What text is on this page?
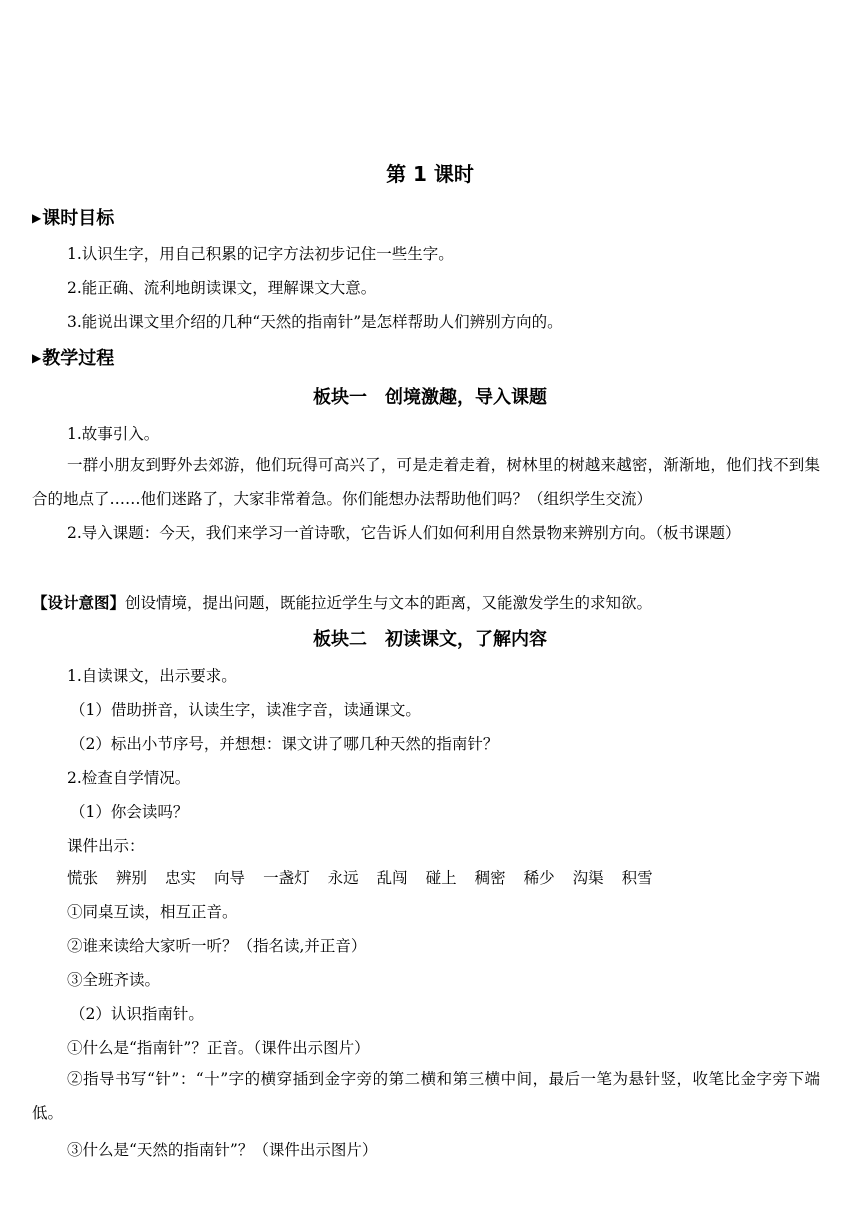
第 1 课时
▶课时目标
1.认识生字，用自己积累的记字方法初步记住一些生字。
2.能正确、流利地朗读课文，理解课文大意。
3.能说出课文里介绍的几种“天然的指南针”是怎样帮助人们辨别方向的。
▶教学过程
板块一　创境激趣，导入课题
1.故事引入。
一群小朋友到野外去郊游，他们玩得可高兴了，可是走着走着，树林里的树越来越密，渐渐地，他们找不到集合的地点了……他们迷路了，大家非常着急。你们能想办法帮助他们吗？（组织学生交流）
2.导入课题：今天，我们来学习一首诗歌，它告诉人们如何利用自然景物来辨别方向。（板书课题）
【设计意图】创设情境，提出问题，既能拉近学生与文本的距离，又能激发学生的求知欲。
板块二　初读课文，了解内容
1.自读课文，出示要求。
（1）借助拼音，认读生字，读准字音，读通课文。
（2）标出小节序号，并想想：课文讲了哪几种天然的指南针？
2.检查自学情况。
（1）你会读吗？
课件出示：
慌张 辨别 忠实 向导 一盏灯 永远 乱闯 碰上 稠密 稀少 沟渠 积雪
①同桌互读，相互正音。
②谁来读给大家听一听？（指名读,并正音）
③全班齐读。
（2）认识指南针。
①什么是“指南针”？正音。（课件出示图片）
②指导书写“针”：“十”字的横穿插到金字旁的第二横和第三横中间，最后一笔为悬针竖，收笔比金字旁下端低。
③什么是“天然的指南针”？（课件出示图片）
